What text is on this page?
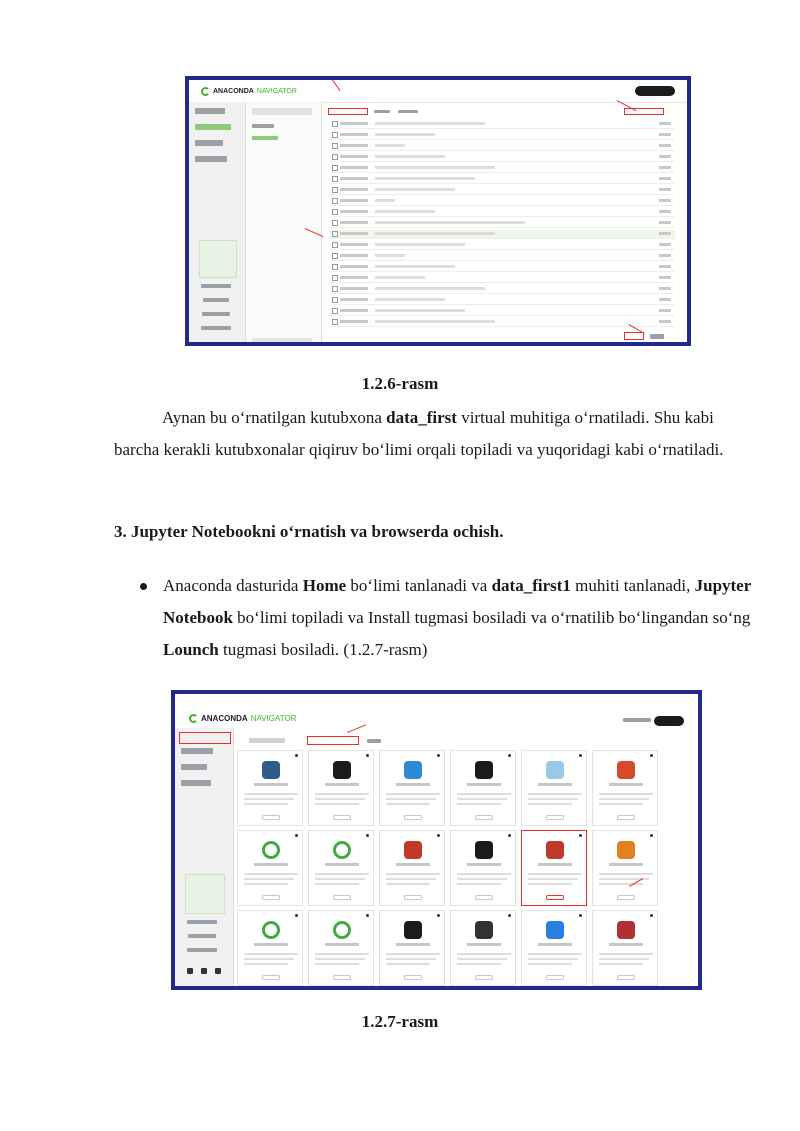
ANACONDA NAVIGATOR
1.2.6-rasm
Aynan bu o‘rnatilgan kutubxona data_first virtual muhitiga o‘rnatiladi. Shu kabi barcha kerakli kutubxonalar qiqiruv bo‘limi orqali topiladi va yuqoridagi kabi o‘rnatiladi.
3. Jupyter Notebookni o‘rnatish va browserda ochish.
Anaconda dasturida Home bo‘limi tanlanadi va data_first1 muhiti tanlanadi, Jupyter Notebook bo‘limi topiladi va Install tugmasi bosiladi va o‘rnatilib bo‘lingandan so‘ng Lounch tugmasi bosiladi. (1.2.7-rasm)
ANACONDA NAVIGATOR
1.2.7-rasm
